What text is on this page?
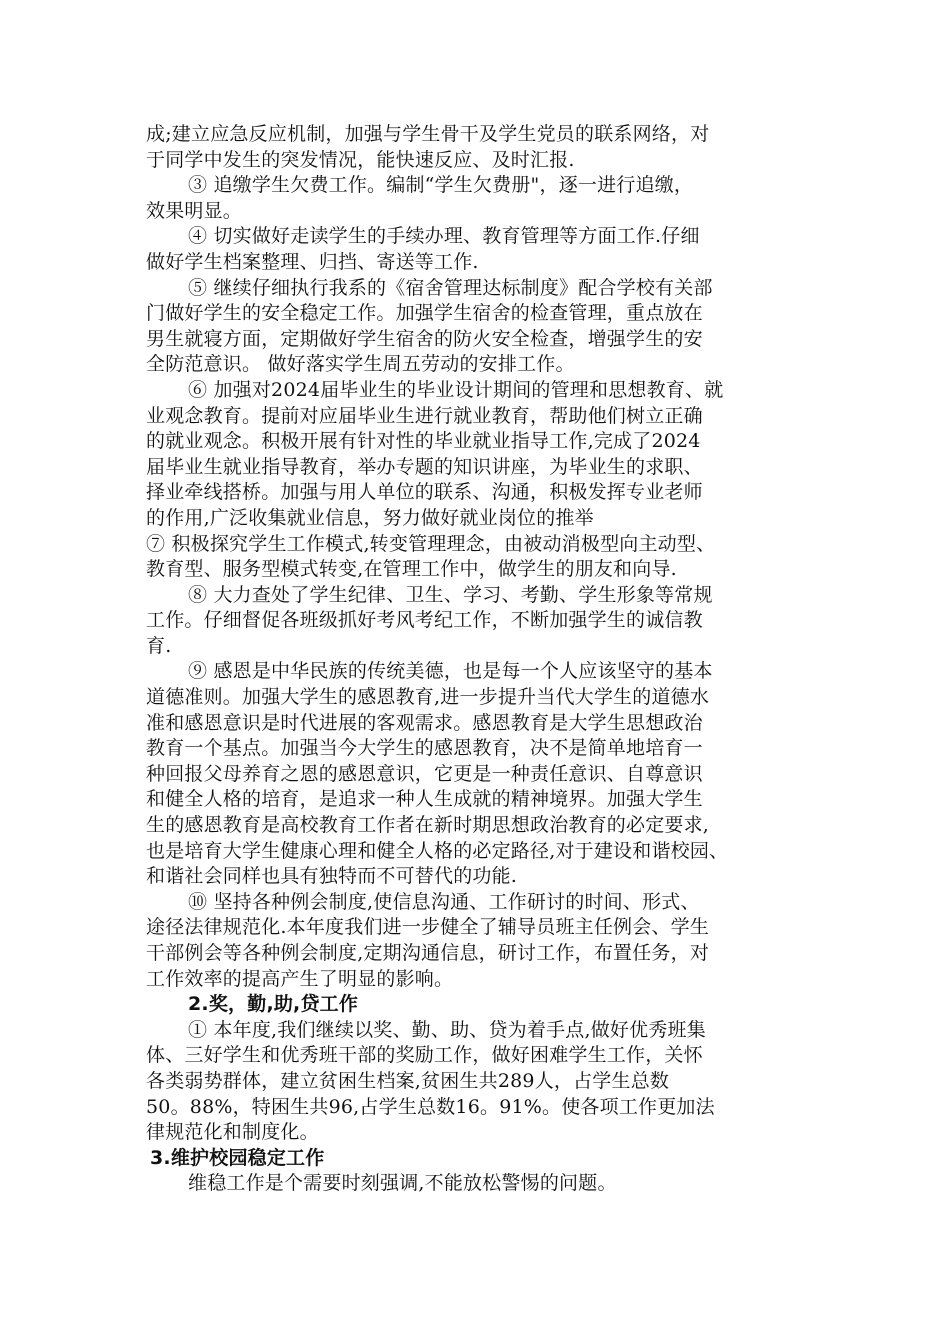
成;建立应急反应机制，加强与学生骨干及学生党员的联系网络，对
于同学中发生的突发情况，能快速反应、及时汇报.
③ 追缴学生欠费工作。编制“学生欠费册"，逐一进行追缴，
效果明显。
④ 切实做好走读学生的手续办理、教育管理等方面工作.仔细
做好学生档案整理、归挡、寄送等工作.
⑤ 继续仔细执行我系的《宿舍管理达标制度》配合学校有关部
门做好学生的安全稳定工作。加强学生宿舍的检查管理，重点放在
男生就寝方面，定期做好学生宿舍的防火安全检查，增强学生的安
全防范意识。 做好落实学生周五劳动的安排工作。
⑥ 加强对2024届毕业生的毕业设计期间的管理和思想教育、就
业观念教育。提前对应届毕业生进行就业教育，帮助他们树立正确
的就业观念。积极开展有针对性的毕业就业指导工作,完成了2024
届毕业生就业指导教育，举办专题的知识讲座，为毕业生的求职、
择业牵线搭桥。加强与用人单位的联系、沟通，积极发挥专业老师
的作用,广泛收集就业信息，努力做好就业岗位的推举
⑦ 积极探究学生工作模式,转变管理理念，由被动消极型向主动型、
教育型、服务型模式转变,在管理工作中，做学生的朋友和向导.
⑧ 大力查处了学生纪律、卫生、学习、考勤、学生形象等常规
工作。仔细督促各班级抓好考风考纪工作，不断加强学生的诚信教
育.
⑨ 感恩是中华民族的传统美德，也是每一个人应该坚守的基本
道德准则。加强大学生的感恩教育,进一步提升当代大学生的道德水
准和感恩意识是时代进展的客观需求。感恩教育是大学生思想政治
教育一个基点。加强当今大学生的感恩教育，决不是简单地培育一
种回报父母养育之恩的感恩意识，它更是一种责任意识、自尊意识
和健全人格的培育，是追求一种人生成就的精神境界。加强大学生
生的感恩教育是高校教育工作者在新时期思想政治教育的必定要求,
也是培育大学生健康心理和健全人格的必定路径,对于建设和谐校园、
和谐社会同样也具有独特而不可替代的功能.
⑩ 坚持各种例会制度,使信息沟通、工作研讨的时间、形式、
途径法律规范化.本年度我们进一步健全了辅导员班主任例会、学生
干部例会等各种例会制度,定期沟通信息，研讨工作，布置任务，对
工作效率的提高产生了明显的影响。
2.奖，勤,助,贷工作
① 本年度,我们继续以奖、勤、助、贷为着手点,做好优秀班集
体、三好学生和优秀班干部的奖励工作，做好困难学生工作，关怀
各类弱势群体，建立贫困生档案,贫困生共289人，占学生总数
50。88%，特困生共96,占学生总数16。91%。使各项工作更加法
律规范化和制度化。
3.维护校园稳定工作
维稳工作是个需要时刻强调,不能放松警惕的问题。
